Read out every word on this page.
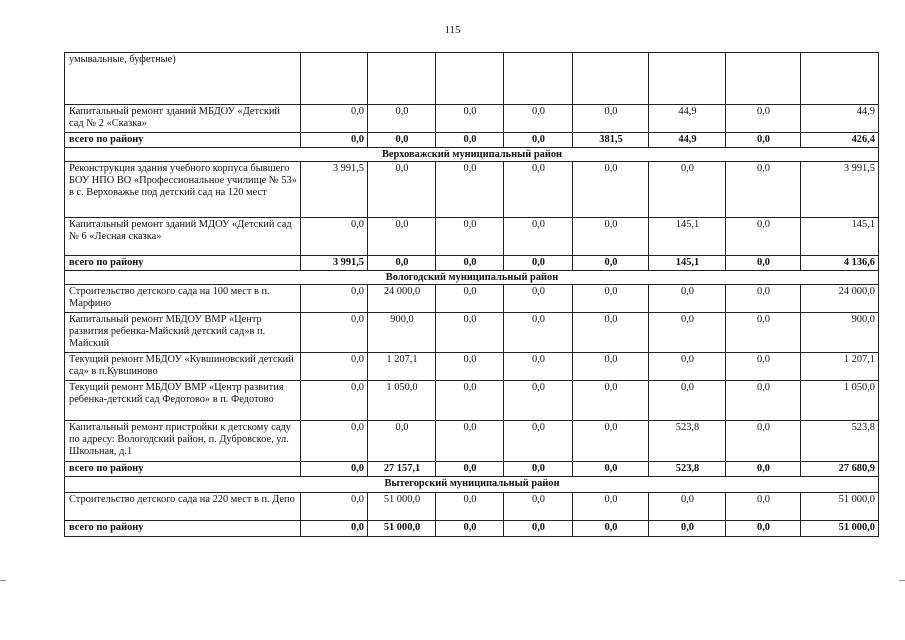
115
умывальные, буфетные)								
Капитальный ремонт зданий МБДОУ «Детский сад № 2 «Сказка»	0,0	0,0	0,0	0,0	0,0	44,9	0,0	44,9
всего по району	0,0	0,0	0,0	0,0	381,5	44,9	0,0	426,4
Верховажский муниципальный район								
Реконструкция здания учебного корпуса бывшего БОУ НПО ВО «Профессиональное училище № 53» в с. Верховажье под детский сад на 120 мест	3 991,5	0,0	0,0	0,0	0,0	0,0	0,0	3 991,5
Капитальный ремонт зданий МДОУ «Детский сад № 6 «Лесная сказка»	0,0	0,0	0,0	0,0	0,0	145,1	0,0	145,1
всего по району	3 991,5	0,0	0,0	0,0	0,0	145,1	0,0	4 136,6
Вологодский муниципальный район								
Строительство детского сада на 100 мест в п. Марфино	0,0	24 000,0	0,0	0,0	0,0	0,0	0,0	24 000,0
Капитальный ремонт МБДОУ ВМР «Центр развития ребенка-Майский детский сад»в п. Майский	0,0	900,0	0,0	0,0	0,0	0,0	0,0	900,0
Текущий ремонт МБДОУ «Кувшиновский детский сад» в п.Кувшиново	0,0	1 207,1	0,0	0,0	0,0	0,0	0,0	1 207,1
Текущий ремонт МБДОУ ВМР «Центр развития ребенка-детский сад Федотово» в п. Федотово	0,0	1 050,0	0,0	0,0	0,0	0,0	0,0	1 050,0
Капитальный ремонт пристройки к детскому саду по адресу: Вологодский район, п. Дубровское, ул. Школьная, д.1	0,0	0,0	0,0	0,0	0,0	523,8	0,0	523,8
всего по району	0,0	27 157,1	0,0	0,0	0,0	523,8	0,0	27 680,9
Вытегорский муниципальный район								
Строительство детского сада на 220 мест в п. Депо	0,0	51 000,0	0,0	0,0	0,0	0,0	0,0	51 000,0
всего по району	0,0	51 000,0	0,0	0,0	0,0	0,0	0,0	51 000,0
